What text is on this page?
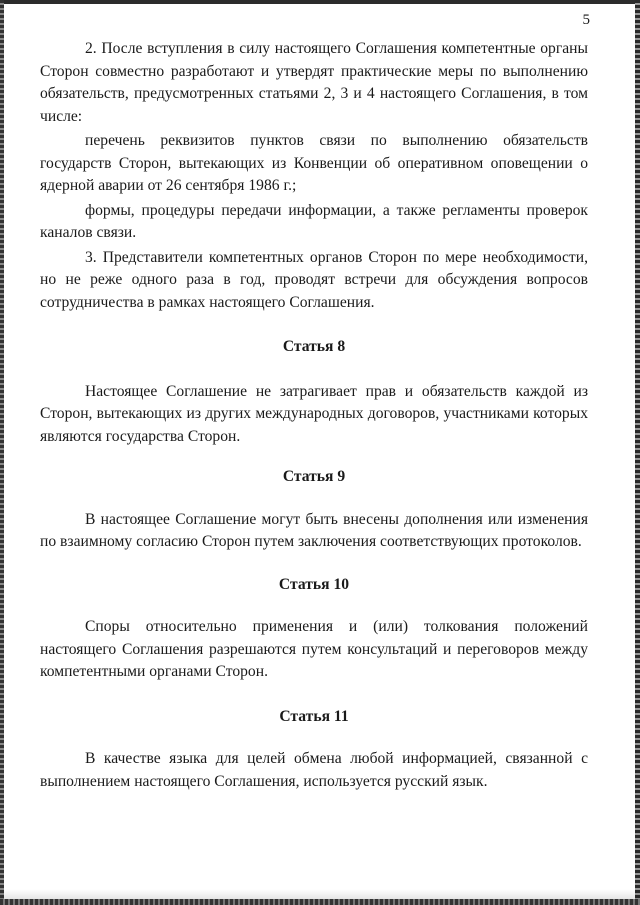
5

2. После вступления в силу настоящего Соглашения компетентные органы Сторон совместно разработают и утвердят практические меры по выполнению обязательств, предусмотренных статьями 2, 3 и 4 настоящего Соглашения, в том числе:

перечень реквизитов пунктов связи по выполнению обязательств государств Сторон, вытекающих из Конвенции об оперативном оповещении о ядерной аварии от 26 сентября 1986 г.;

формы, процедуры передачи информации, а также регламенты проверок каналов связи.

3. Представители компетентных органов Сторон по мере необходимости, но не реже одного раза в год, проводят встречи для обсуждения вопросов сотрудничества в рамках настоящего Соглашения.

Статья 8

Настоящее Соглашение не затрагивает прав и обязательств каждой из Сторон, вытекающих из других международных договоров, участниками которых являются государства Сторон.

Статья 9

В настоящее Соглашение могут быть внесены дополнения или изменения по взаимному согласию Сторон путем заключения соответствующих протоколов.

Статья 10

Споры относительно применения и (или) толкования положений настоящего Соглашения разрешаются путем консультаций и переговоров между компетентными органами Сторон.

Статья 11

В качестве языка для целей обмена любой информацией, связанной с выполнением настоящего Соглашения, используется русский язык.
